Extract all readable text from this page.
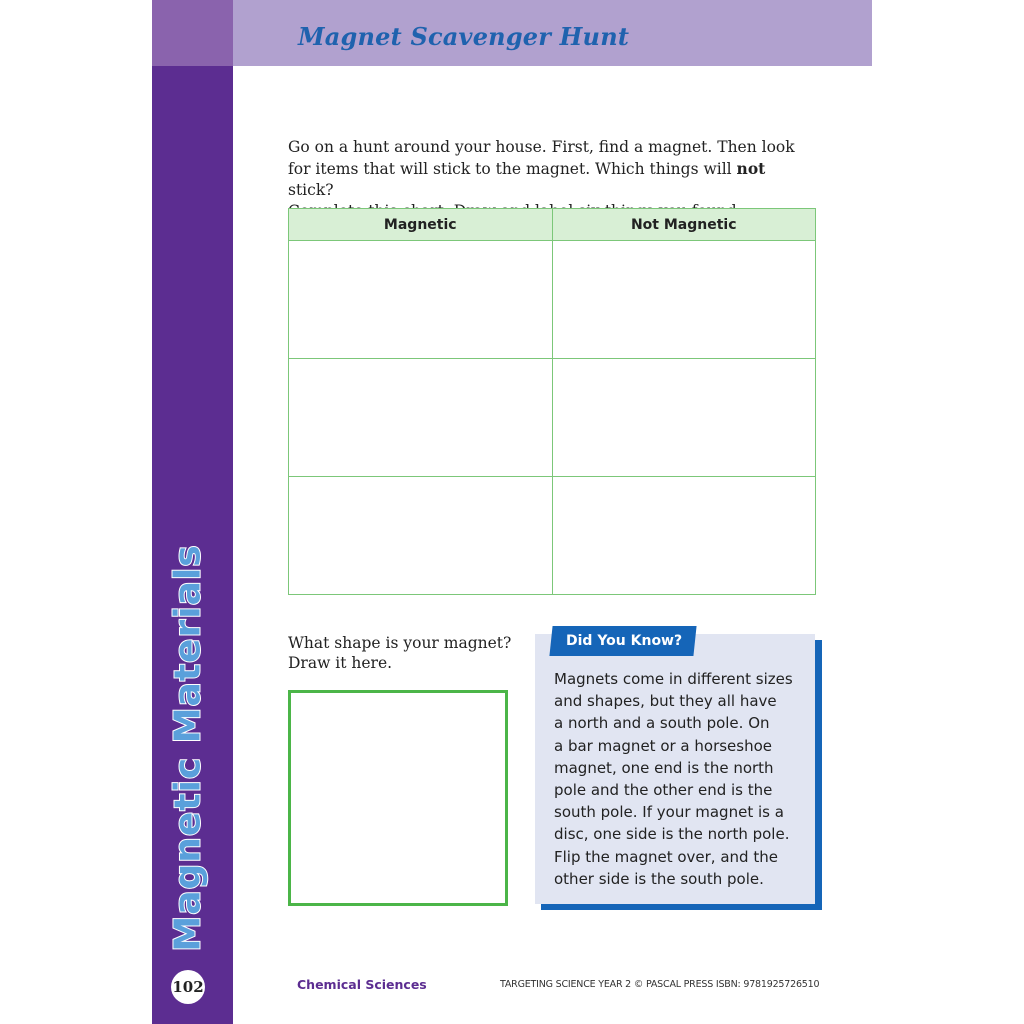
Magnet Scavenger Hunt
Magnetic Materials
102

Go on a hunt around your house. First, find a magnet. Then look

for items that will stick to the magnet. Which things will not stick?

Magnetic	Not Magnetic

What shape is your magnet?
Draw it here.
Did You Know?
Magnets come in different sizes
and shapes, but they all have
a north and a south pole. On
a bar magnet or a horseshoe
magnet, one end is the north
pole and the other end is the
south pole. If your magnet is a
disc, one side is the north pole.
Flip the magnet over, and the
other side is the south pole.
Chemical Sciences	TARGETING SCIENCE YEAR 2 © PASCAL PRESS ISBN: 9781925726510
